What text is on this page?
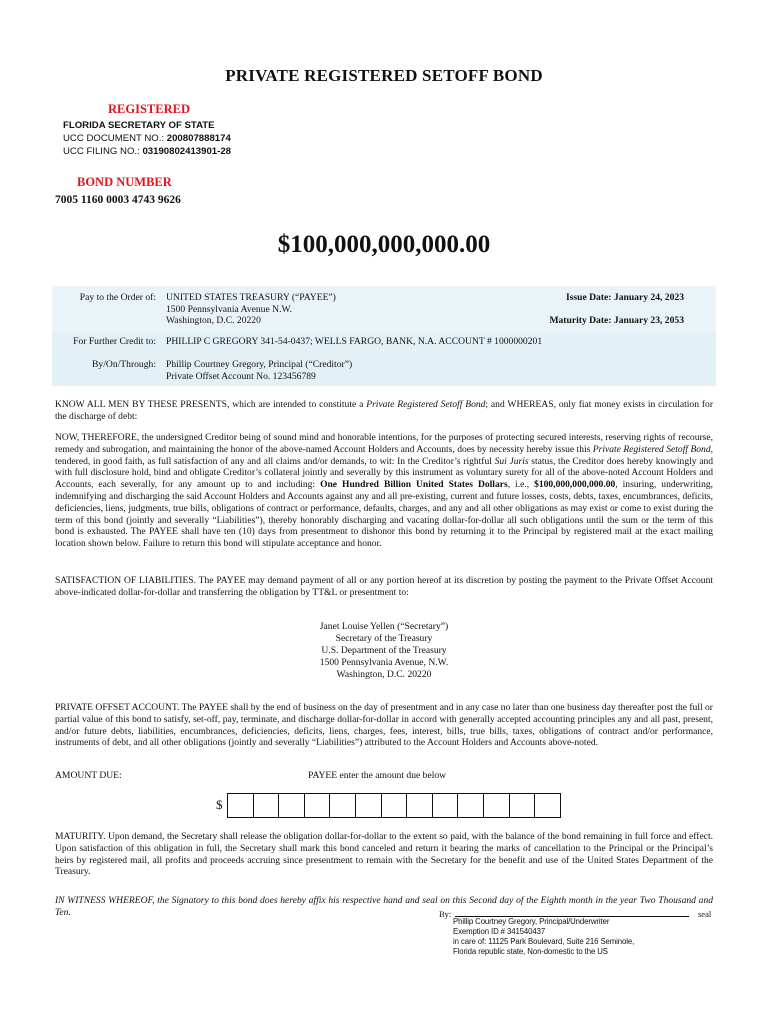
PRIVATE REGISTERED SETOFF BOND
REGISTERED
FLORIDA SECRETARY OF STATE
UCC DOCUMENT NO.: 200807888174
UCC FILING NO.: 03190802413901-28
BOND NUMBER
7005 1160 0003 4743 9626
$100,000,000,000.00
Pay to the Order of: UNITED STATES TREASURY (“PAYEE”)
1500 Pennsylvania Avenue N.W.
Washington, D.C. 20220
Issue Date: January 24, 2023
Maturity Date: January 23, 2053
For Further Credit to: PHILLIP C GREGORY 341-54-0437; WELLS FARGO, BANK, N.A. ACCOUNT # 1000000201
By/On/Through: Phillip Courtney Gregory, Principal (“Creditor”)
Private Offset Account No. 123456789
KNOW ALL MEN BY THESE PRESENTS, which are intended to constitute a Private Registered Setoff Bond; and WHEREAS, only fiat money exists in circulation for the discharge of debt:
NOW, THEREFORE, the undersigned Creditor being of sound mind and honorable intentions, for the purposes of protecting secured interests, reserving rights of recourse, remedy and subrogation, and maintaining the honor of the above-named Account Holders and Accounts, does by necessity hereby issue this Private Registered Setoff Bond, tendered, in good faith, as full satisfaction of any and all claims and/or demands, to wit: In the Creditor’s rightful Sui Juris status, the Creditor does hereby knowingly and with full disclosure hold, bind and obligate Creditor’s collateral jointly and severally by this instrument as voluntary surety for all of the above-noted Account Holders and Accounts, each severally, for any amount up to and including: One Hundred Billion United States Dollars, i.e., $100,000,000,000.00, insuring, underwriting, indemnifying and discharging the said Account Holders and Accounts against any and all pre-existing, current and future losses, costs, debts, taxes, encumbrances, deficits, deficiencies, liens, judgments, true bills, obligations of contract or performance, defaults, charges, and any and all other obligations as may exist or come to exist during the term of this bond (jointly and severally “Liabilities”), thereby honorably discharging and vacating dollar-for-dollar all such obligations until the sum or the term of this bond is exhausted. The PAYEE shall have ten (10) days from presentment to dishonor this bond by returning it to the Principal by registered mail at the exact mailing location shown below. Failure to return this bond will stipulate acceptance and honor.
SATISFACTION OF LIABILITIES. The PAYEE may demand payment of all or any portion hereof at its discretion by posting the payment to the Private Offset Account above-indicated dollar-for-dollar and transferring the obligation by TT&L or presentment to:
Janet Louise Yellen (“Secretary”)
Secretary of the Treasury
U.S. Department of the Treasury
1500 Pennsylvania Avenue, N.W.
Washington, D.C. 20220
PRIVATE OFFSET ACCOUNT. The PAYEE shall by the end of business on the day of presentment and in any case no later than one business day thereafter post the full or partial value of this bond to satisfy, set-off, pay, terminate, and discharge dollar-for-dollar in accord with generally accepted accounting principles any and all past, present, and/or future debts, liabilities, encumbrances, deficiencies, deficits, liens, charges, fees, interest, bills, true bills, taxes, obligations of contract and/or performance, instruments of debt, and all other obligations (jointly and severally “Liabilities”) attributed to the Account Holders and Accounts above-noted.
AMOUNT DUE:	PAYEE enter the amount due below
$
MATURITY. Upon demand, the Secretary shall release the obligation dollar-for-dollar to the extent so paid, with the balance of the bond remaining in full force and effect. Upon satisfaction of this obligation in full, the Secretary shall mark this bond canceled and return it bearing the marks of cancellation to the Principal or the Principal’s heirs by registered mail, all profits and proceeds accruing since presentment to remain with the Secretary for the benefit and use of the United States Department of the Treasury.
IN WITNESS WHEREOF, the Signatory to this bond does hereby affix his respective hand and seal on this Second day of the Eighth month in the year Two Thousand and Ten.	By:	seal
Phillip Courtney Gregory, Principal/Underwriter
Exemption ID # 341540437
in care of: 11125 Park Boulevard, Suite 216 Seminole,
Florida republic state, Non-domestic to the US
